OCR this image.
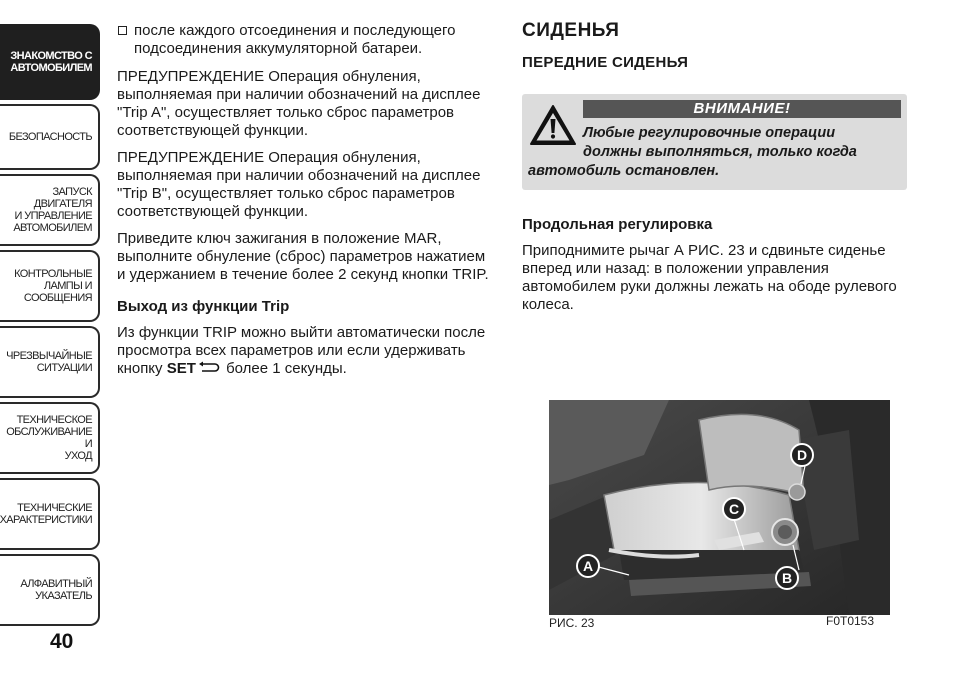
ЗНАКОМСТВО С
АВТОМОБИЛЕМ
БЕЗОПАСНОСТЬ
ЗАПУСК ДВИГАТЕЛЯ
И УПРАВЛЕНИЕ
АВТОМОБИЛЕМ
КОНТРОЛЬНЫЕ
ЛАМПЫ И
СООБЩЕНИЯ
ЧРЕЗВЫЧАЙНЫЕ
СИТУАЦИИ
ТЕХНИЧЕСКОЕ
ОБСЛУЖИВАНИЕ И
УХОД
ТЕХНИЧЕСКИЕ
ХАРАКТЕРИСТИКИ
АЛФАВИТНЫЙ
УКАЗАТЕЛЬ
40
после каждого отсоединения и последующего подсоединения аккумуляторной батареи.

ПРЕДУПРЕЖДЕНИЕ Операция обнуления, выполняемая при наличии обозначений на дисплее "Trip A", осуществляет только сброс параметров соответствующей функции.

ПРЕДУПРЕЖДЕНИЕ Операция обнуления, выполняемая при наличии обозначений на дисплее "Trip B", осуществляет только сброс параметров соответствующей функции.

Приведите ключ зажигания в положение MAR, выполните обнуление (сброс) параметров нажатием и удержанием в течение более 2 секунд кнопки TRIP.

Выход из функции Trip

Из функции TRIP можно выйти автоматически после просмотра всех параметров или если удерживать кнопку SET более 1 секунды.

СИДЕНЬЯ
ПЕРЕДНИЕ СИДЕНЬЯ
ВНИМАНИЕ!
Любые регулировочные операции
должны выполняться, только когда
автомобиль остановлен.
Продольная регулировка

Приподнимите рычаг А РИС. 23 и сдвиньте сиденье вперед или назад: в положении управления автомобилем руки должны лежать на ободе рулевого колеса.

A
B
C
D
РИС. 23	F0T0153
